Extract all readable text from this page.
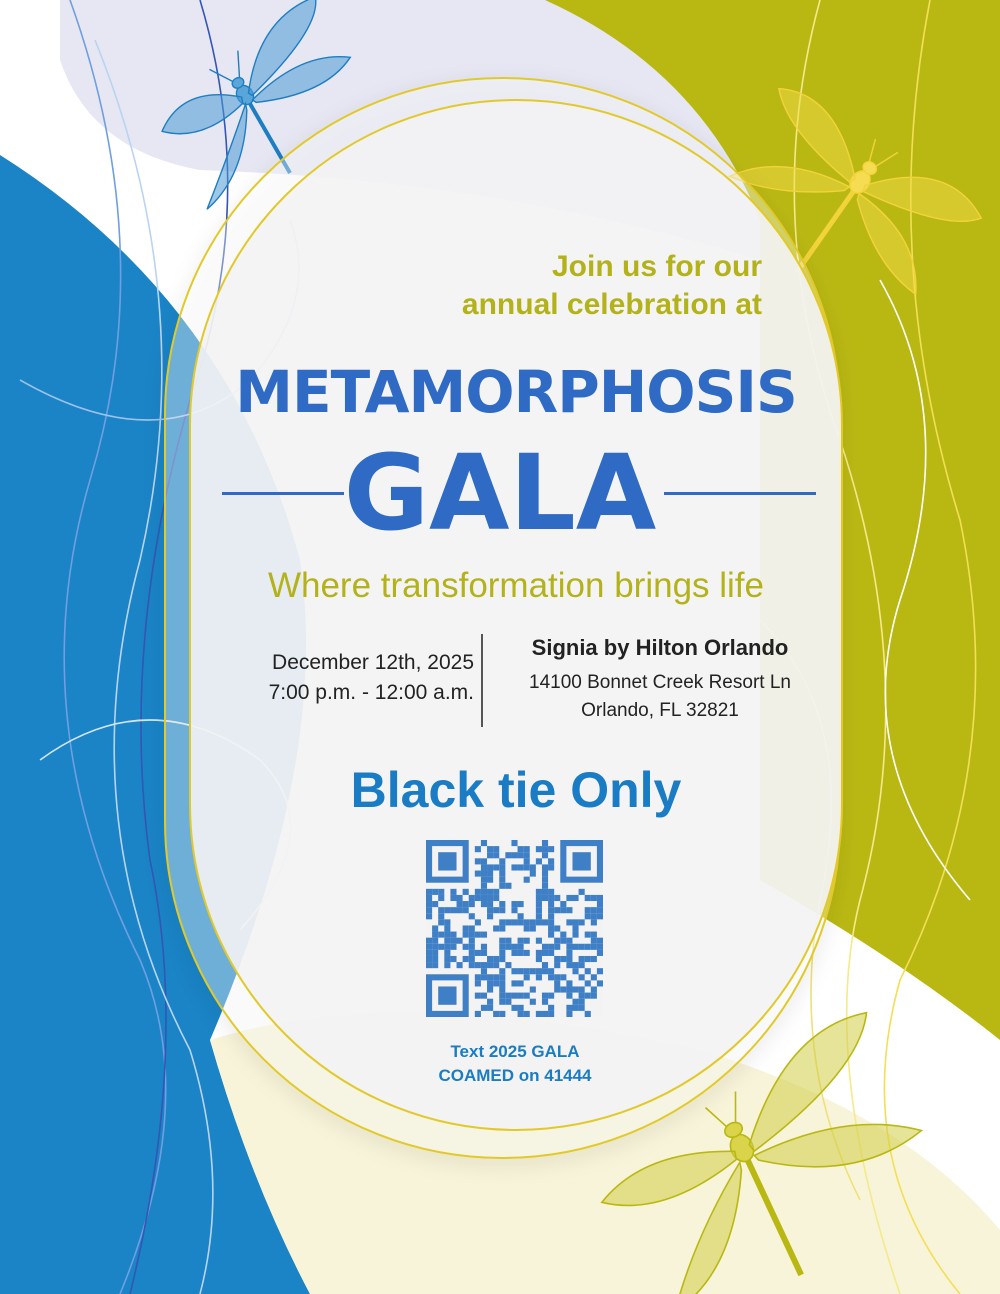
Join us for our
annual celebration at

METAMORPHOSIS
GALA

Where transformation brings life

December 12th, 2025
7:00 p.m. - 12:00 a.m.

Signia by Hilton Orlando
14100 Bonnet Creek Resort Ln
Orlando, FL 32821

Black tie Only

Text 2025 GALA
COAMED on 41444
